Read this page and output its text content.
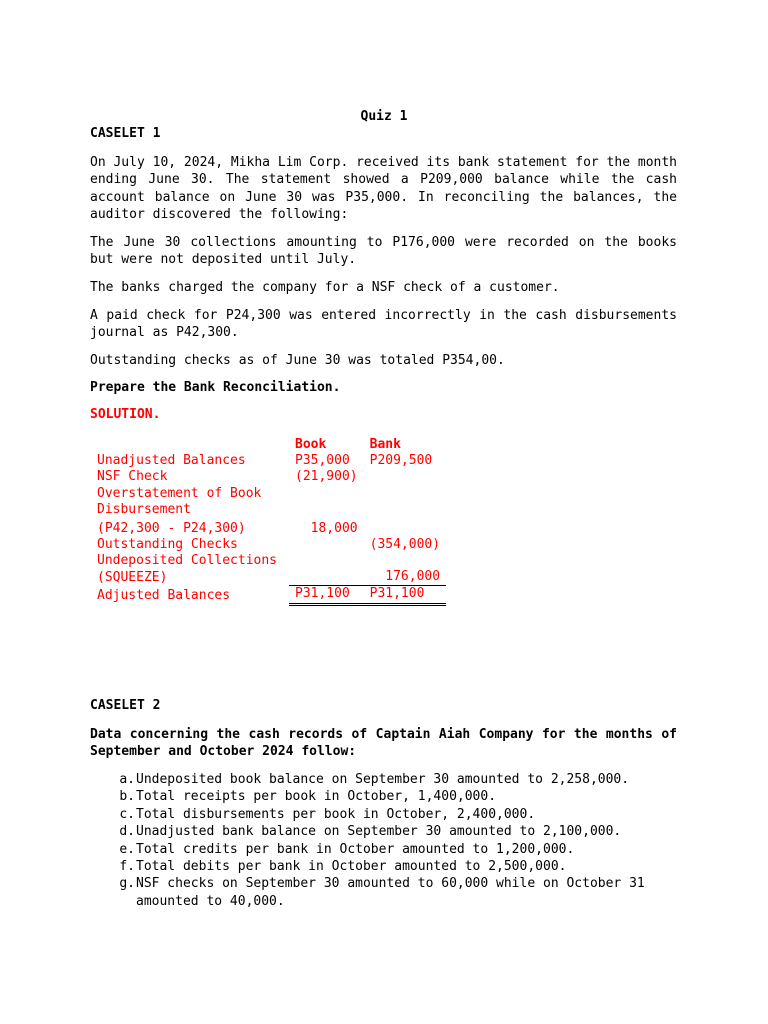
Quiz 1
CASELET 1
On July 10, 2024, Mikha Lim Corp. received its bank statement for the month ending June 30. The statement showed a P209,000 balance while the cash account balance on June 30 was P35,000. In reconciling the balances, the auditor discovered the following:
The June 30 collections amounting to P176,000 were recorded on the books but were not deposited until July.
The banks charged the company for a NSF check of a customer.
A paid check for P24,300 was entered incorrectly in the cash disbursements journal as P42,300.
Outstanding checks as of June 30 was totaled P354,00.
Prepare the Bank Reconciliation.
SOLUTION.
	Book	Bank
Unadjusted Balances	P35,000	P209,500
NSF Check	(21,900)	
Overstatement of Book Disbursement		
(P42,300 - P24,300)	18,000	
Outstanding Checks		(354,000)
Undeposited Collections (SQUEEZE)		176,000
Adjusted Balances	P31,100	P31,100
CASELET 2
Data concerning the cash records of Captain Aiah Company for the months of September and October 2024 follow:
a. Undeposited book balance on September 30 amounted to 2,258,000.
b. Total receipts per book in October, 1,400,000.
c. Total disbursements per book in October, 2,400,000.
d. Unadjusted bank balance on September 30 amounted to 2,100,000.
e. Total credits per bank in October amounted to 1,200,000.
f. Total debits per bank in October amounted to 2,500,000.
g. NSF checks on September 30 amounted to 60,000 while on October 31 amounted to 40,000.
